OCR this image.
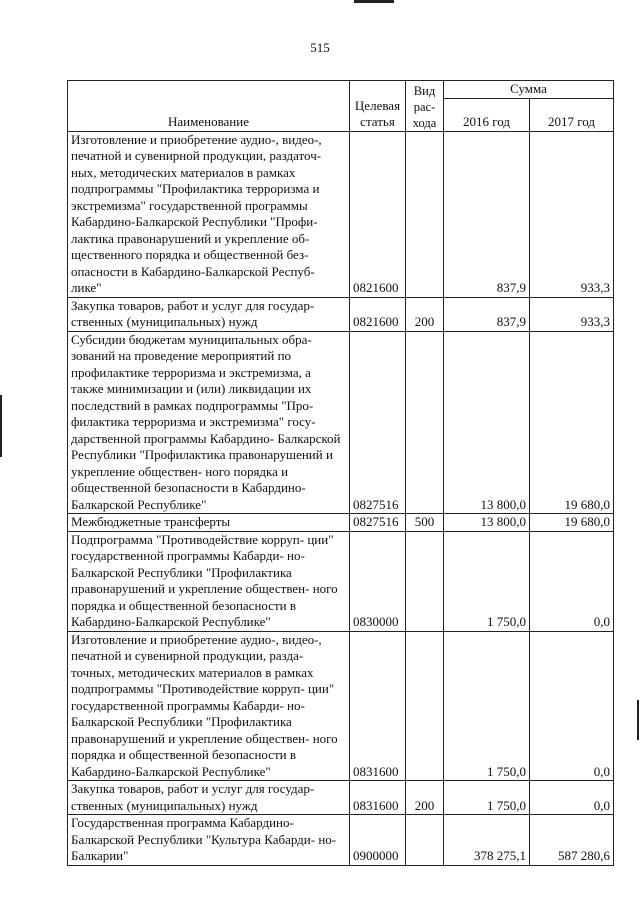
515
Наименование	Целевая статья	Вид рас- хода	Сумма	
			2016 год	2017 год
Изготовление и приобретение аудио-, видео-, печатной и сувенирной продукции, раздаточ- ных, методических материалов в рамках подпрограммы "Профилактика терроризма и экстремизма" государственной программы Кабардино-Балкарской Республики "Профи- лактика правонарушений и укрепление об- щественного порядка и общественной без- опасности в Кабардино-Балкарской Респуб- лике"	0821600		837,9	933,3
Закупка товаров, работ и услуг для государ- ственных (муниципальных) нужд	0821600	200	837,9	933,3
Субсидии бюджетам муниципальных обра- зований на проведение мероприятий по профилактике терроризма и экстремизма, а также минимизации и (или) ликвидации их последствий в рамках подпрограммы "Про- филактика терроризма и экстремизма" госу- дарственной программы Кабардино- Балкарской Республики "Профилактика правонарушений и укрепление обществен- ного порядка и общественной безопасности в Кабардино-Балкарской Республике"	0827516		13 800,0	19 680,0
Межбюджетные трансферты	0827516	500	13 800,0	19 680,0
Подпрограмма "Противодействие корруп- ции" государственной программы Кабарди- но-Балкарской Республики "Профилактика правонарушений и укрепление обществен- ного порядка и общественной безопасности в Кабардино-Балкарской Республике"	0830000		1 750,0	0,0
Изготовление и приобретение аудио-, видео-, печатной и сувенирной продукции, разда- точных, методических материалов в рамках подпрограммы "Противодействие корруп- ции" государственной программы Кабарди- но-Балкарской Республики "Профилактика правонарушений и укрепление обществен- ного порядка и общественной безопасности в Кабардино-Балкарской Республике"	0831600		1 750,0	0,0
Закупка товаров, работ и услуг для государ- ственных (муниципальных) нужд	0831600	200	1 750,0	0,0
Государственная программа Кабардино- Балкарской Республики "Культура Кабарди- но-Балкарии"	0900000		378 275,1	587 280,6
